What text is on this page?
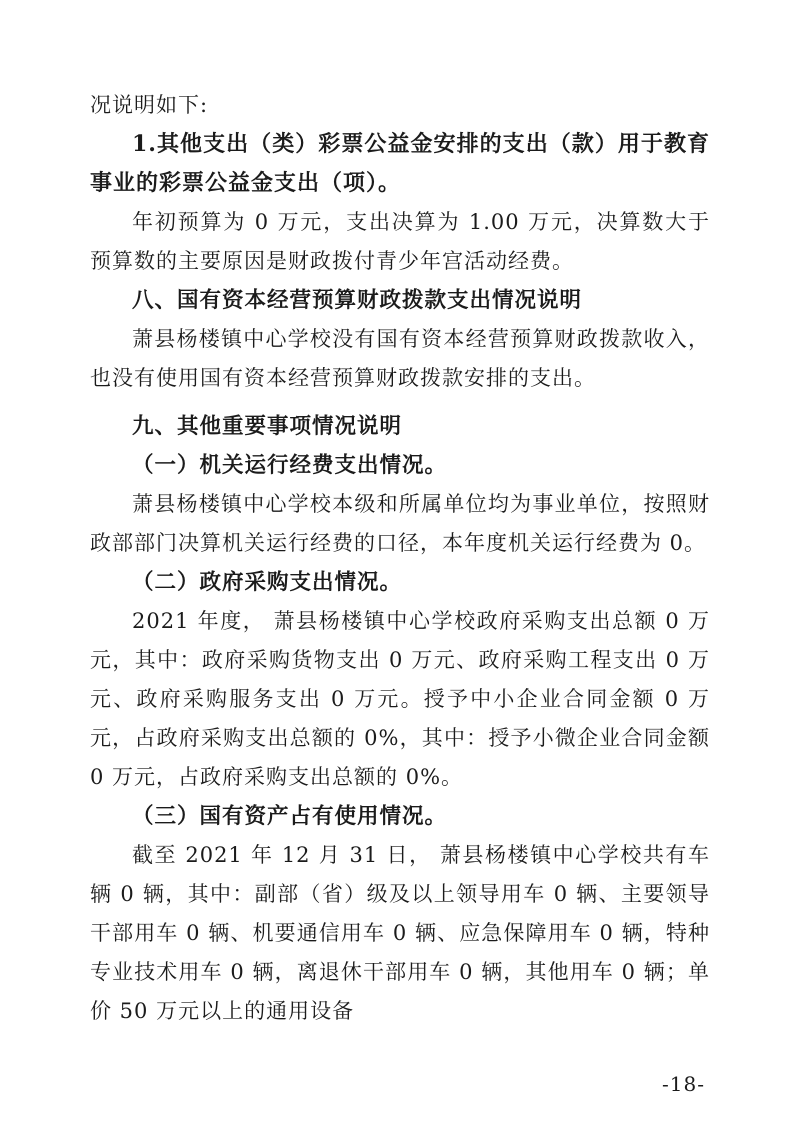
况说明如下:

1.其他支出（类）彩票公益金安排的支出（款）用于教育事业的彩票公益金支出（项）。

年初预算为 0 万元，支出决算为 1.00 万元，决算数大于预算数的主要原因是财政拨付青少年宫活动经费。

八、国有资本经营预算财政拨款支出情况说明

萧县杨楼镇中心学校没有国有资本经营预算财政拨款收入，也没有使用国有资本经营预算财政拨款安排的支出。

九、其他重要事项情况说明

（一）机关运行经费支出情况。

萧县杨楼镇中心学校本级和所属单位均为事业单位，按照财政部部门决算机关运行经费的口径，本年度机关运行经费为 0。

（二）政府采购支出情况。

2021 年度， 萧县杨楼镇中心学校政府采购支出总额 0 万元，其中：政府采购货物支出 0 万元、政府采购工程支出 0 万元、政府采购服务支出 0 万元。授予中小企业合同金额 0 万元，占政府采购支出总额的 0%，其中：授予小微企业合同金额 0 万元，占政府采购支出总额的 0%。

（三）国有资产占有使用情况。

截至 2021 年 12 月 31 日， 萧县杨楼镇中心学校共有车辆 0 辆，其中：副部（省）级及以上领导用车 0 辆、主要领导干部用车 0 辆、机要通信用车 0 辆、应急保障用车 0 辆，特种专业技术用车 0 辆，离退休干部用车 0 辆，其他用车 0 辆；单价 50 万元以上的通用设备

-18-
